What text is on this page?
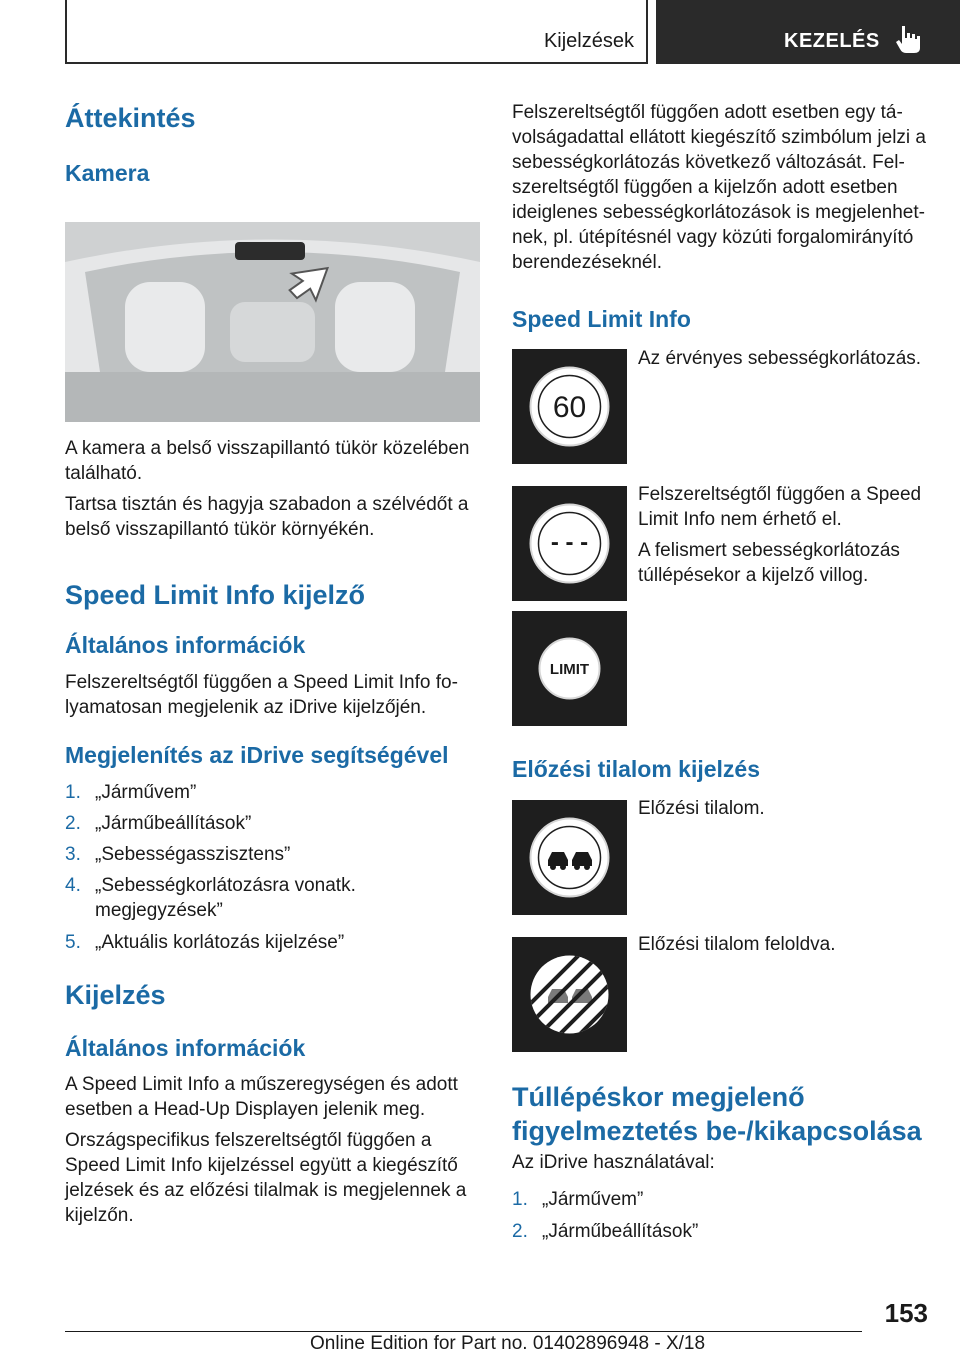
Kijelzések	KEZELÉS
Áttekintés
Kamera
A kamera a belső visszapillantó tükör közelében
található.
Tartsa tisztán és hagyja szabadon a szélvédőt a
belső visszapillantó tükör környékén.
Speed Limit Info kijelző
Általános információk
Felszereltségtől függően a Speed Limit Info fo‐
lyamatosan megjelenik az iDrive kijelzőjén.
Megjelenítés az iDrive segítségével
1. „Járművem”
2. „Járműbeállítások”
3. „Sebességasszisztens”
4. „Sebességkorlátozásra vonatk.
megjegyzések”
5. „Aktuális korlátozás kijelzése”
Kijelzés
Általános információk
A Speed Limit Info a műszeregységen és adott
esetben a Head-Up Displayen jelenik meg.
Országspecifikus felszereltségtől függően a
Speed Limit Info kijelzéssel együtt a kiegészítő
jelzések és az előzési tilalmak is megjelennek a
kijelzőn.
Felszereltségtől függően adott esetben egy tá‐
volságadattal ellátott kiegészítő szimbólum jelzi a
sebességkorlátozás következő változását. Fel‐
szereltségtől függően a kijelzőn adott esetben
ideiglenes sebességkorlátozások is megjelenhet‐
nek, pl. útépítésnél vagy közúti forgalomirányító
berendezéseknél.
Speed Limit Info
60
Az érvényes sebességkorlátozás.
- - -
Felszereltségtől függően a Speed
Limit Info nem érhető el.
A felismert sebességkorlátozás
túllépésekor a kijelző villog.
LIMIT
Előzési tilalom kijelzés
Előzési tilalom.
Előzési tilalom feloldva.
Túllépéskor megjelenő
figyelmeztetés be-/kikapcsolása
Az iDrive használatával:
1. „Járművem”
2. „Járműbeállítások”
153
Online Edition for Part no. 01402896948 - X/18
